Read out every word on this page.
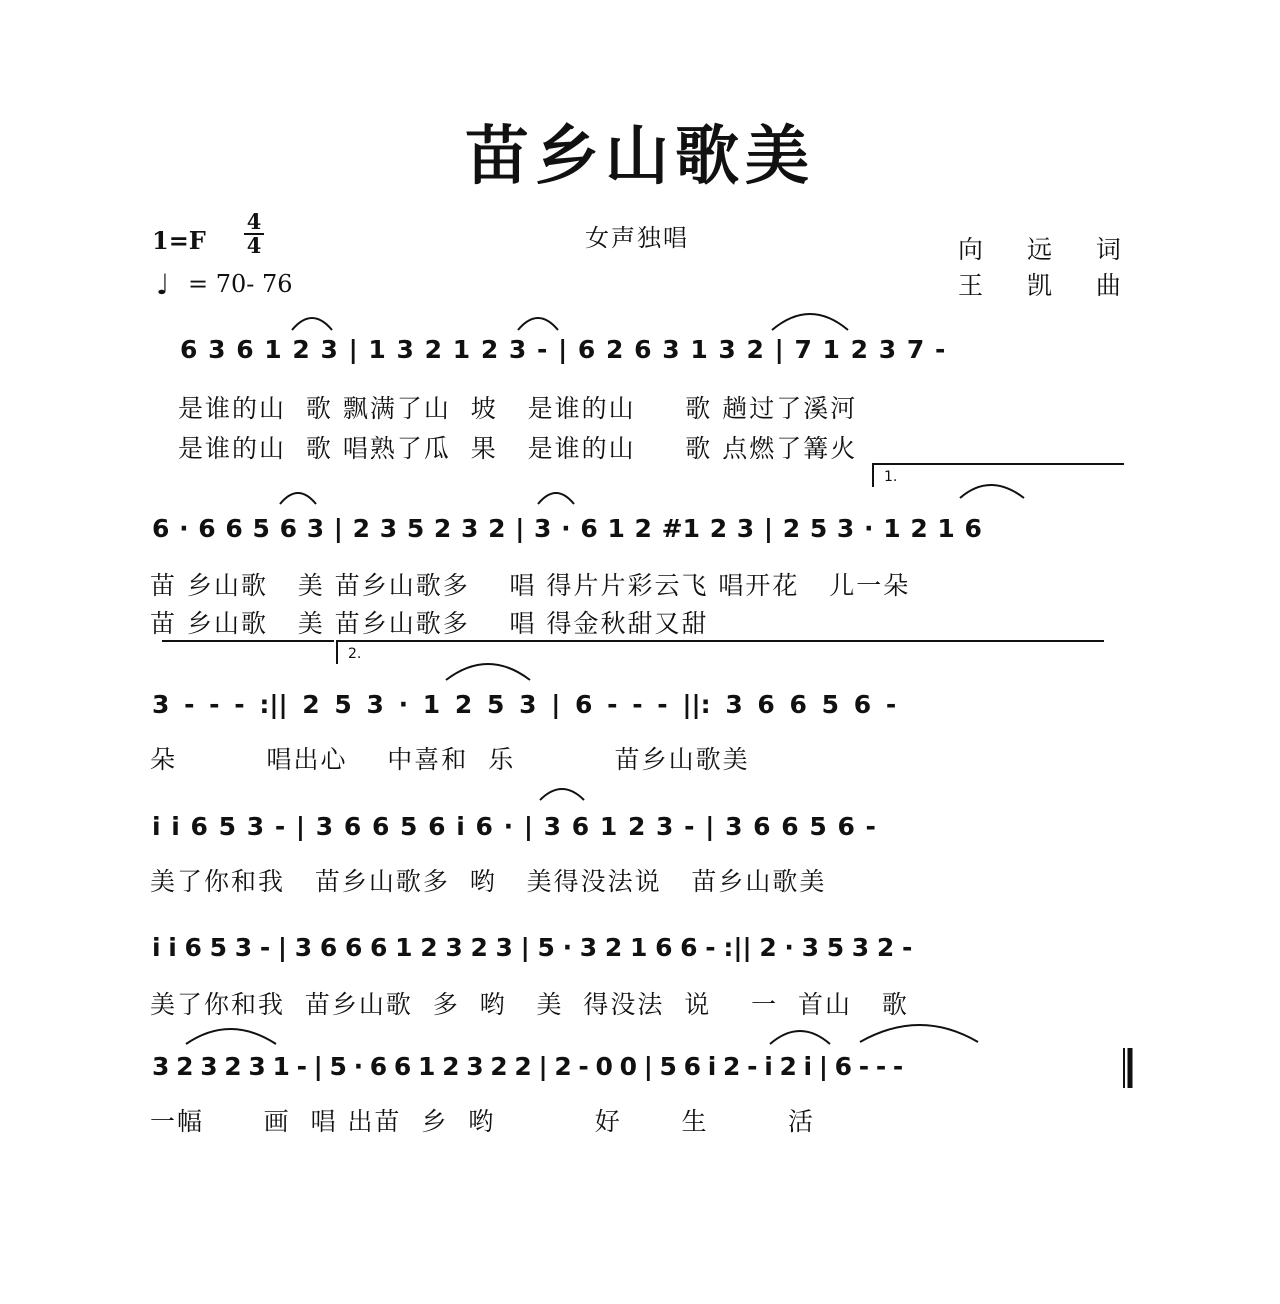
苗乡山歌美
1=F
4
4
♩ = 70- 76
女声独唱	向 远 词
王 凯 曲
6 3 6 1 2 3 | 1 3 2 1 2 3 - | 6 2 6 3 1 3 2 | 7 1 2 3 7 -
是谁的山  歌 飘满了山  坡   是谁的山     歌 趟过了溪河
是谁的山  歌 唱熟了瓜  果   是谁的山     歌 点燃了篝火
6 · 6 6 5 6 3 | 2 3 5 2 3 2 | 3 · 6 1 2 #1 2 3 | 2 5 3 · 1 2 1 6
苗 乡山歌   美 苗乡山歌多    唱 得片片彩云飞 唱开花   儿一朵
苗 乡山歌   美 苗乡山歌多    唱 得金秋甜又甜
3 - - - :|| 2 5 3 · 1 2 5 3 | 6 - - - ||: 3 6 6 5 6 -
朵         唱出心    中喜和  乐          苗乡山歌美
i i 6 5 3 - | 3 6 6 5 6 i 6 · | 3 6 1 2 3 - | 3 6 6 5 6 -
美了你和我   苗乡山歌多  哟   美得没法说   苗乡山歌美
i i 6 5 3 - | 3 6 6 6 1 2 3 2 3 | 5 · 3 2 1 6 6 - :|| 2 · 3 5 3 2 -
美了你和我  苗乡山歌  多  哟   美  得没法  说    一  首山   歌
3 2 3 2 3 1 - | 5 · 6 6 1 2 3 2 2 | 2 - 0 0 | 5 6 i 2 - i 2 i | 6 - - -
一幅      画  唱 出苗  乡  哟          好      生        活
1.
2.
